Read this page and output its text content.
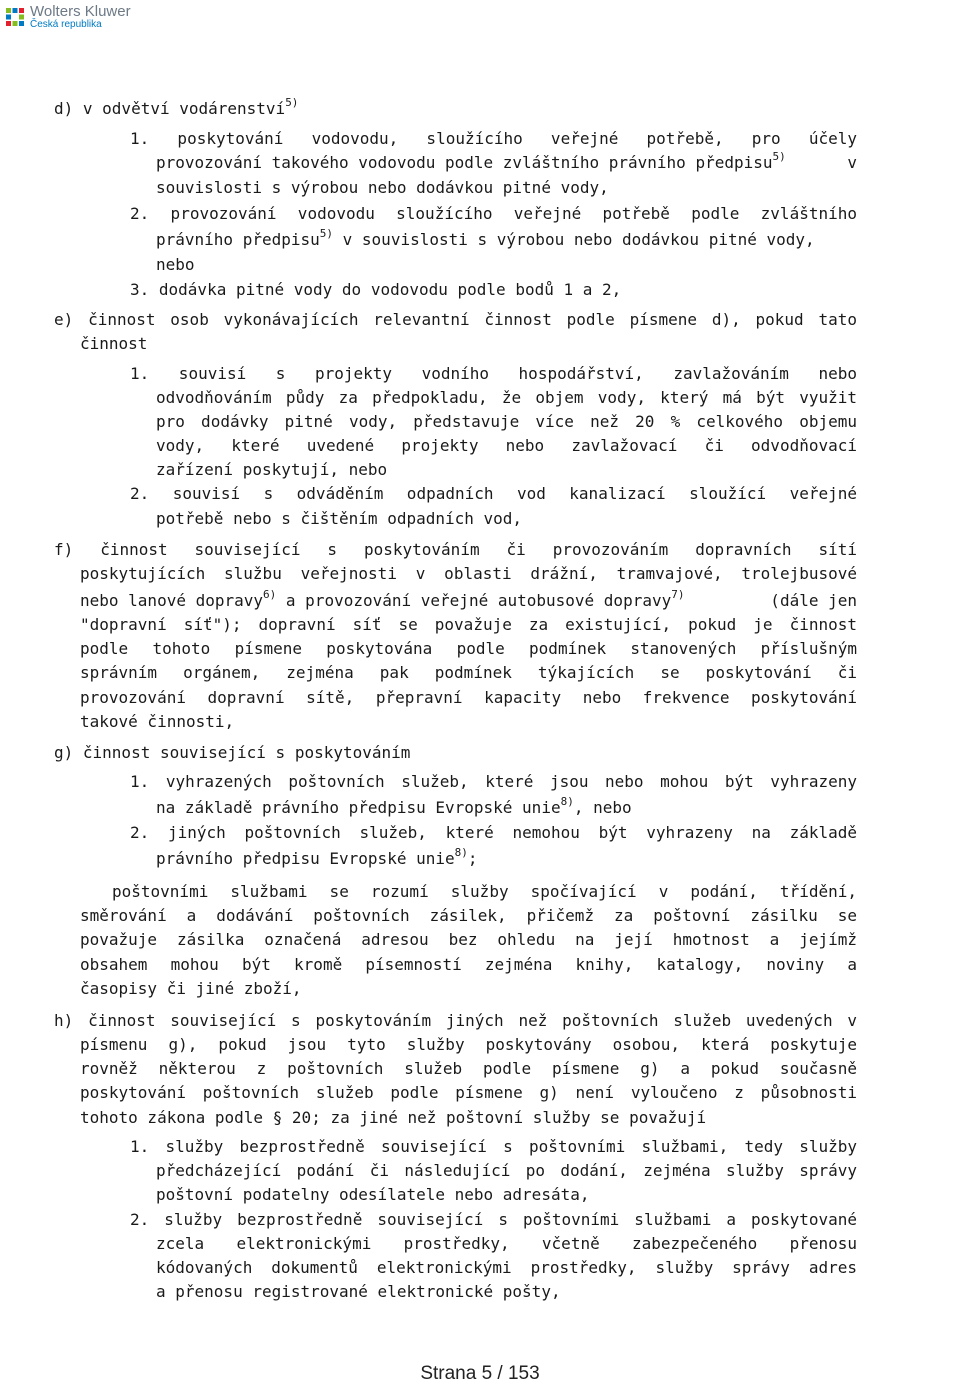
Wolters Kluwer
Česká republika
d) v odvětví vodárenství$^{5)}$
1. poskytování vodovodu, sloužícího veřejné potřebě, pro účely
provozování takového vodovodu podle zvláštního právního předpisu$^{5)}$	v
souvislosti s výrobou nebo dodávkou pitné vody,
2. provozování vodovodu sloužícího veřejné potřebě podle zvláštního
právního předpisu$^{5)}$ v souvislosti s výrobou nebo dodávkou pitné vody,
nebo
3. dodávka pitné vody do vodovodu podle bodů 1 a 2,
e) činnost osob vykonávajících relevantní činnost podle písmene d), pokud tato
činnost
1. souvisí s projekty vodního hospodářství, zavlažováním nebo
odvodňováním půdy za předpokladu, že objem vody, který má být využit
pro dodávky pitné vody, představuje více než 20 % celkového objemu
vody, které uvedené projekty nebo zavlažovací či odvodňovací
zařízení poskytují, nebo
2. souvisí s odváděním odpadních vod kanalizací sloužící veřejné
potřebě nebo s čištěním odpadních vod,
f) činnost související s poskytováním či provozováním dopravních sítí
poskytujících službu veřejnosti v oblasti drážní, tramvajové, trolejbusové
nebo lanové dopravy$^{6)}$ a provozování veřejné autobusové dopravy$^{7)}$	(dále jen
"dopravní síť"); dopravní síť se považuje za existující, pokud je činnost
podle tohoto písmene poskytována podle podmínek stanovených příslušným
správním orgánem, zejména pak podmínek týkajících se poskytování či
provozování dopravní sítě, přepravní kapacity nebo frekvence poskytování
takové činnosti,
g) činnost související s poskytováním
1. vyhrazených poštovních služeb, které jsou nebo mohou být vyhrazeny
na základě právního předpisu Evropské unie$^{8)}$, nebo
2. jiných poštovních služeb, které nemohou být vyhrazeny na základě
právního předpisu Evropské unie$^{8)}$;
poštovními službami se rozumí služby spočívající v podání, třídění,
směrování a dodávání poštovních zásilek, přičemž za poštovní zásilku se
považuje zásilka označená adresou bez ohledu na její hmotnost a jejímž
obsahem mohou být kromě písemností zejména knihy, katalogy, noviny a
časopisy či jiné zboží,
h) činnost související s poskytováním jiných než poštovních služeb uvedených v
písmenu g), pokud jsou tyto služby poskytovány osobou, která poskytuje
rovněž některou z poštovních služeb podle písmene g) a pokud současně
poskytování poštovních služeb podle písmene g) není vyloučeno z působnosti
tohoto zákona podle § 20; za jiné než poštovní služby se považují
1. služby bezprostředně související s poštovními službami, tedy služby
předcházející podání či následující po dodání, zejména služby správy
poštovní podatelny odesílatele nebo adresáta,
2. služby bezprostředně související s poštovními službami a poskytované
zcela elektronickými prostředky, včetně zabezpečeného přenosu
kódovaných dokumentů elektronickými prostředky, služby správy adres
a přenosu registrované elektronické pošty,
Strana 5 / 153
